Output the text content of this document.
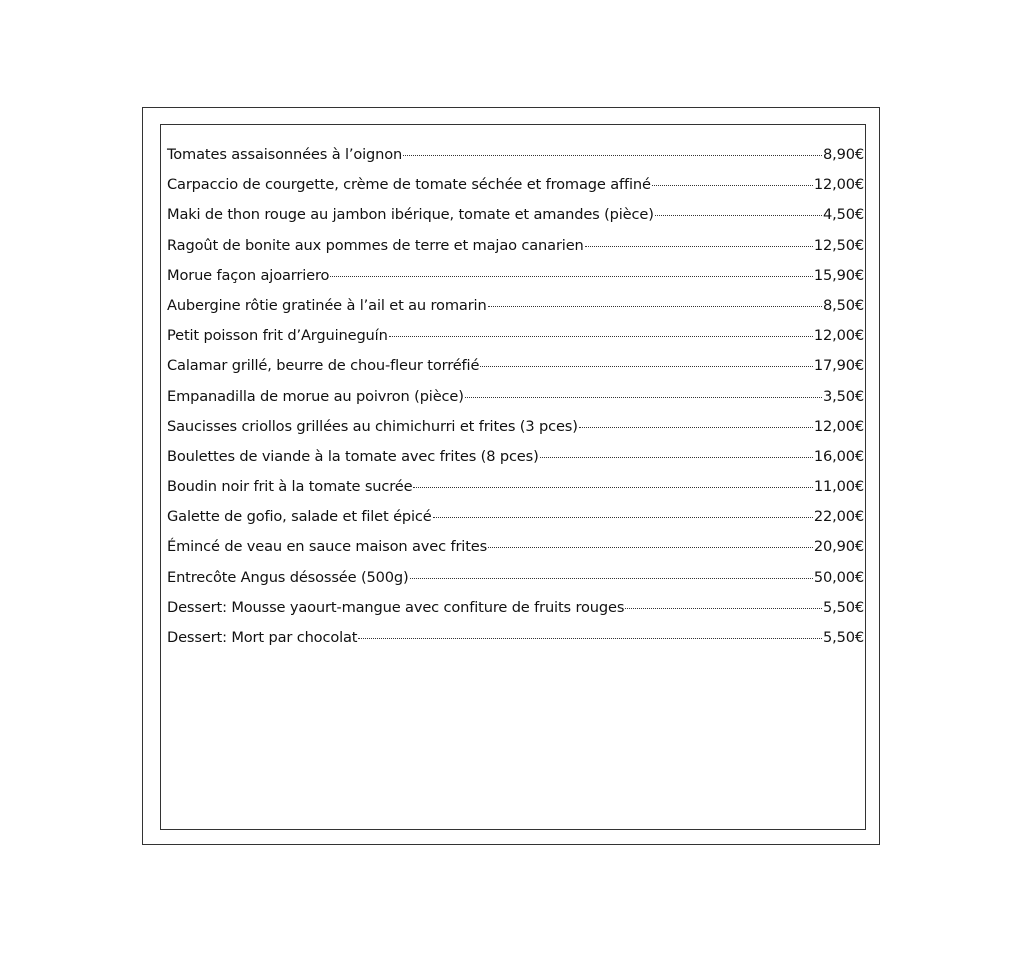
Tomates assaisonnées à l’oignon	8,90€
Carpaccio de courgette, crème de tomate séchée et fromage affiné	12,00€
Maki de thon rouge au jambon ibérique, tomate et amandes (pièce)	4,50€
Ragoût de bonite aux pommes de terre et majao canarien	12,50€
Morue façon ajoarriero	15,90€
Aubergine rôtie gratinée à l’ail et au romarin	8,50€
Petit poisson frit d’Arguineguín	12,00€
Calamar grillé, beurre de chou-fleur torréfié	17,90€
Empanadilla de morue au poivron (pièce)	3,50€
Saucisses criollos grillées au chimichurri et frites (3 pces)	12,00€
Boulettes de viande à la tomate avec frites (8 pces)	16,00€
Boudin noir frit à la tomate sucrée	11,00€
Galette de gofio, salade et filet épicé	22,00€
Émincé de veau en sauce maison avec frites	20,90€
Entrecôte Angus désossée (500g)	50,00€
Dessert: Mousse yaourt-mangue avec confiture de fruits rouges	5,50€
Dessert: Mort par chocolat	5,50€
